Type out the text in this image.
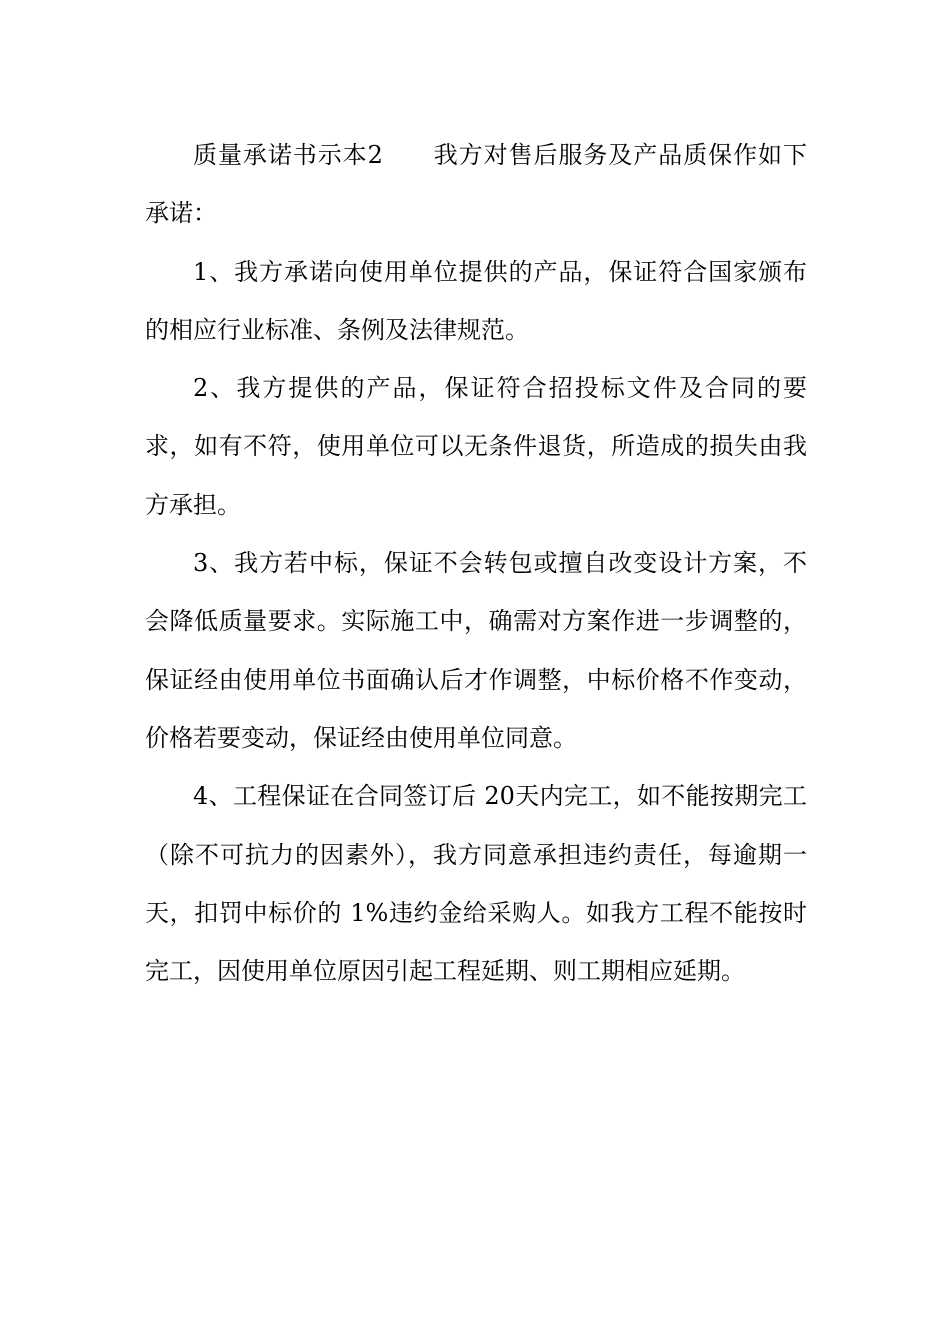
质量承诺书示本2　　我方对售后服务及产品质保作如下承诺：

1、我方承诺向使用单位提供的产品，保证符合国家颁布的相应行业标准、条例及法律规范。

2、我方提供的产品，保证符合招投标文件及合同的要求，如有不符，使用单位可以无条件退货，所造成的损失由我方承担。

3、我方若中标，保证不会转包或擅自改变设计方案，不会降低质量要求。实际施工中，确需对方案作进一步调整的，保证经由使用单位书面确认后才作调整，中标价格不作变动，价格若要变动，保证经由使用单位同意。

4、工程保证在合同签订后 20天内完工，如不能按期完工（除不可抗力的因素外），我方同意承担违约责任，每逾期一天，扣罚中标价的 1%违约金给采购人。如我方工程不能按时完工，因使用单位原因引起工程延期、则工期相应延期。
